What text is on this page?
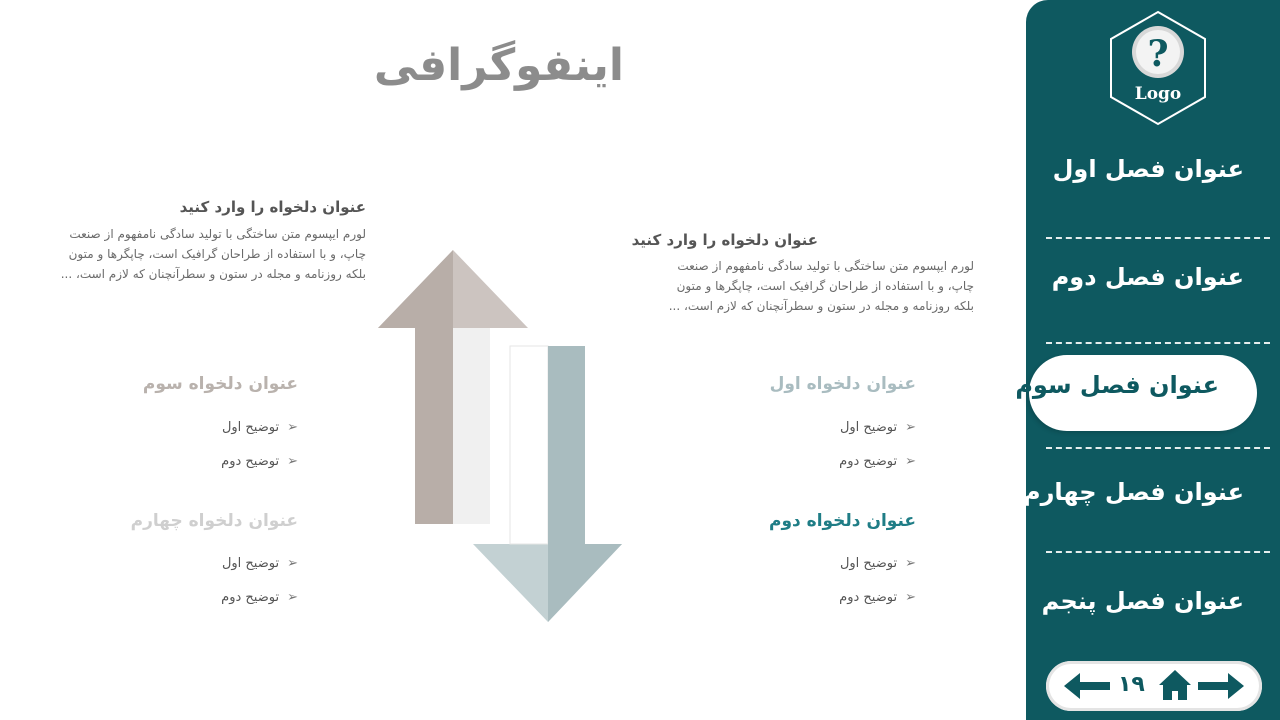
اینفوگرافی
عنوان دلخواه را وارد کنید
لورم ایپسوم متن ساختگی با تولید سادگی نامفهوم از صنعت
چاپ، و با استفاده از طراحان گرافیک است، چاپگرها و متون
بلکه روزنامه و مجله در ستون و سطرآنچنان که لازم است، ...
عنوان دلخواه را وارد کنید
لورم ایپسوم متن ساختگی با تولید سادگی نامفهوم از صنعت
چاپ، و با استفاده از طراحان گرافیک است، چاپگرها و متون
بلکه روزنامه و مجله در ستون و سطرآنچنان که لازم است، ...
عنوان دلخواه سوم
➢توضیح اول
➢توضیح دوم
عنوان دلخواه چهارم
➢توضیح اول
➢توضیح دوم
عنوان دلخواه اول
➢توضیح اول
➢توضیح دوم
عنوان دلخواه دوم
➢توضیح اول
➢توضیح دوم
?
Logo
عنوان فصل اول
عنوان فصل دوم
عنوان فصل چهارم
عنوان فصل پنجم
عنوان فصل سوم
۱۹
